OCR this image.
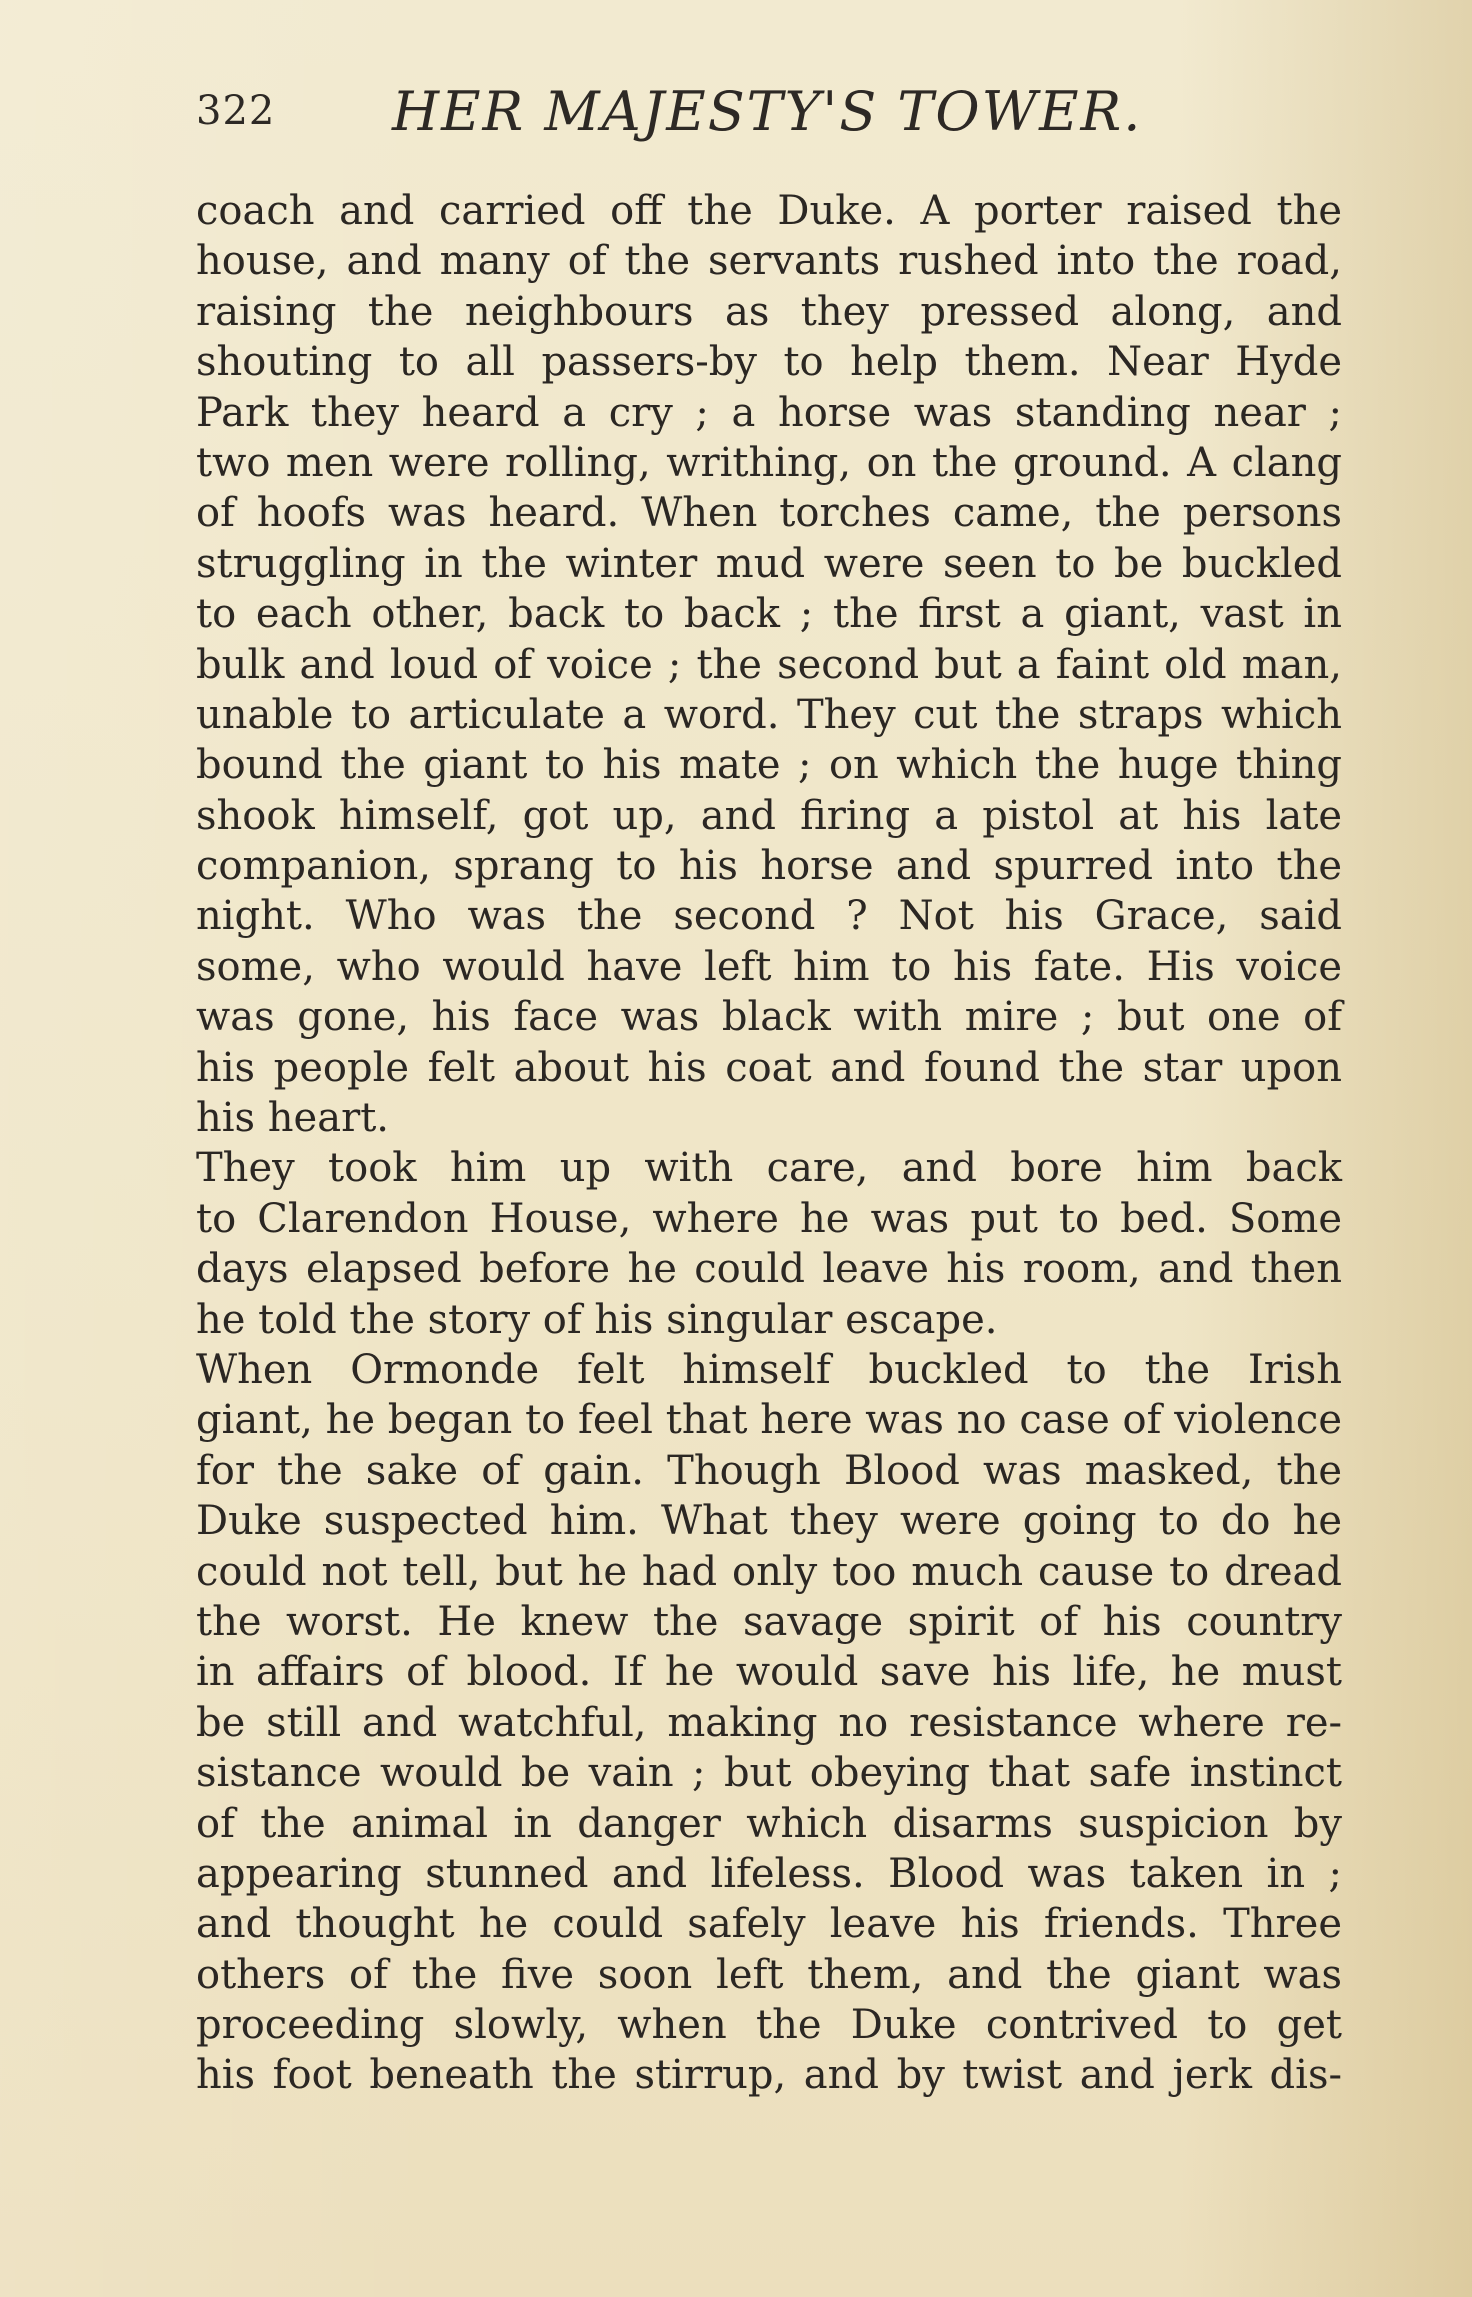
322 HER MAJESTY'S TOWER.
coach and carried off the Duke. A porter raised the
house, and many of the servants rushed into the road,
raising the neighbours as they pressed along, and
shouting to all passers-by to help them. Near Hyde
Park they heard a cry ; a horse was standing near ;
two men were rolling, writhing, on the ground. A clang
of hoofs was heard. When torches came, the persons
struggling in the winter mud were seen to be buckled
to each other, back to back ; the first a giant, vast in
bulk and loud of voice ; the second but a faint old man,
unable to articulate a word. They cut the straps which
bound the giant to his mate ; on which the huge thing
shook himself, got up, and firing a pistol at his late
companion, sprang to his horse and spurred into the
night. Who was the second ? Not his Grace, said
some, who would have left him to his fate. His voice
was gone, his face was black with mire ; but one of
his people felt about his coat and found the star upon
his heart.
They took him up with care, and bore him back
to Clarendon House, where he was put to bed. Some
days elapsed before he could leave his room, and then
he told the story of his singular escape.
When Ormonde felt himself buckled to the Irish
giant, he began to feel that here was no case of violence
for the sake of gain. Though Blood was masked, the
Duke suspected him. What they were going to do he
could not tell, but he had only too much cause to dread
the worst. He knew the savage spirit of his country
in affairs of blood. If he would save his life, he must
be still and watchful, making no resistance where re-
sistance would be vain ; but obeying that safe instinct
of the animal in danger which disarms suspicion by
appearing stunned and lifeless. Blood was taken in ;
and thought he could safely leave his friends. Three
others of the five soon left them, and the giant was
proceeding slowly, when the Duke contrived to get
his foot beneath the stirrup, and by twist and jerk dis-
